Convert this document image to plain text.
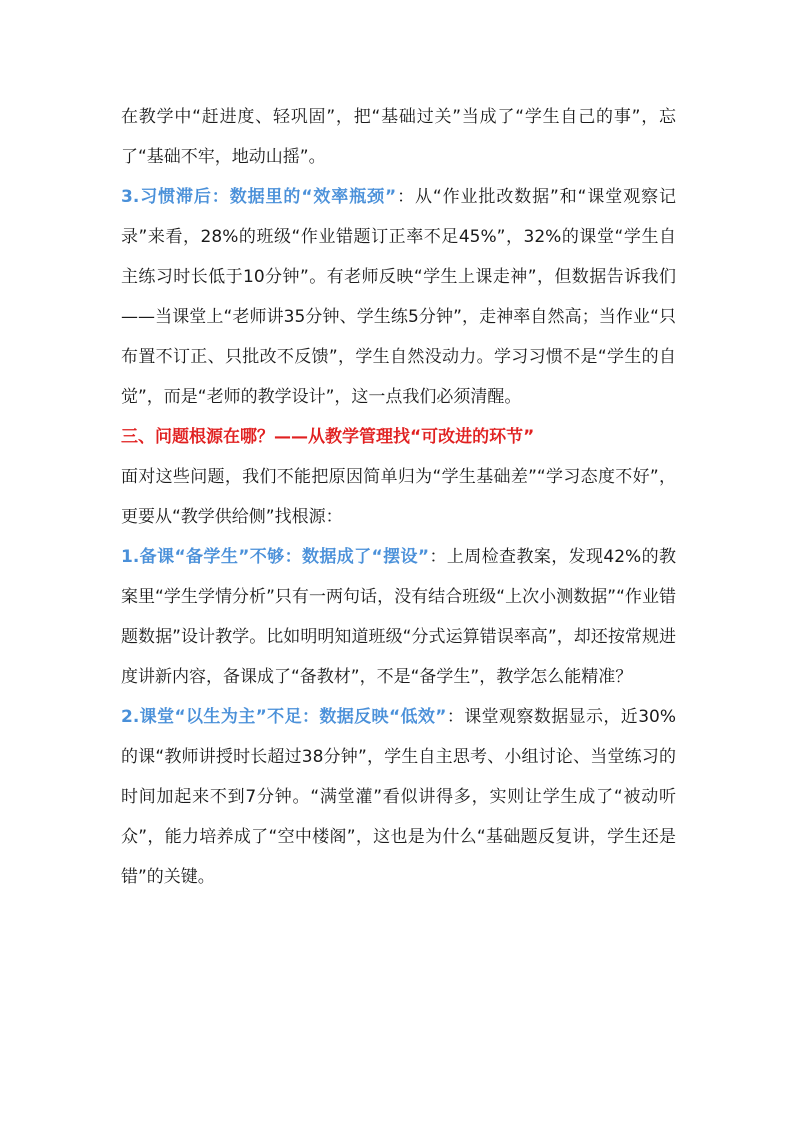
在教学中“赶进度、轻巩固”，把“基础过关”当成了“学生自己的事”，忘了“基础不牢，地动山摇”。

3.习惯滞后：数据里的“效率瓶颈”：从“作业批改数据”和“课堂观察记录”来看，28%的班级“作业错题订正率不足45%”，32%的课堂“学生自主练习时长低于10分钟”。有老师反映“学生上课走神”，但数据告诉我们——当课堂上“老师讲35分钟、学生练5分钟”，走神率自然高；当作业“只布置不订正、只批改不反馈”，学生自然没动力。学习习惯不是“学生的自觉”，而是“老师的教学设计”，这一点我们必须清醒。

三、问题根源在哪？——从教学管理找“可改进的环节”

面对这些问题，我们不能把原因简单归为“学生基础差”“学习态度不好”，更要从“教学供给侧”找根源：

1.备课“备学生”不够：数据成了“摆设”：上周检查教案，发现42%的教案里“学生学情分析”只有一两句话，没有结合班级“上次小测数据”“作业错题数据”设计教学。比如明明知道班级“分式运算错误率高”，却还按常规进度讲新内容，备课成了“备教材”，不是“备学生”，教学怎么能精准？

2.课堂“以生为主”不足：数据反映“低效”：课堂观察数据显示，近30%的课“教师讲授时长超过38分钟”，学生自主思考、小组讨论、当堂练习的时间加起来不到7分钟。“满堂灌”看似讲得多，实则让学生成了“被动听众”，能力培养成了“空中楼阁”，这也是为什么“基础题反复讲，学生还是错”的关键。
